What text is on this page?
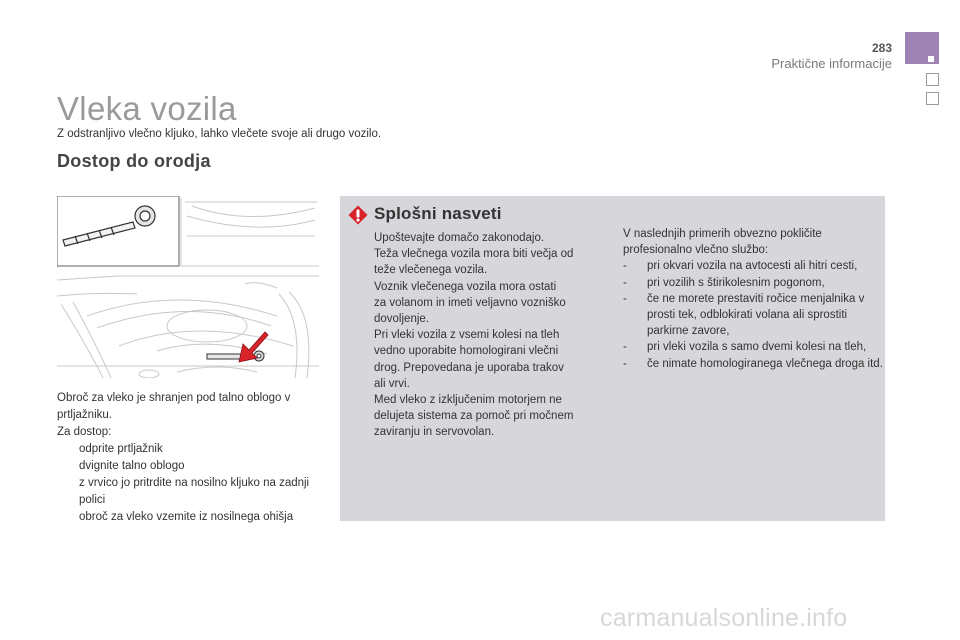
283
Praktične informacije
Vleka vozila
Z odstranljivo vlečno kljuko, lahko vlečete svoje ali drugo vozilo.
Dostop do orodja

Obroč za vleko je shranjen pod talno oblogo v prtljažniku.

Za dostop:

odprite prtljažnik
dvignite talno oblogo
z vrvico jo pritrdite na nosilno kljuko na zadnji polici
obroč za vleko vzemite iz nosilnega ohišja
Splošni nasveti
Upoštevajte domačo zakonodajo.
Teža vlečnega vozila mora biti večja od
teže vlečenega vozila.
Voznik vlečenega vozila mora ostati
za volanom in imeti veljavno vozniško
dovoljenje.
Pri vleki vozila z vsemi kolesi na tleh
vedno uporabite homologirani vlečni
drog. Prepovedana je uporaba trakov
ali vrvi.
Med vleko z izključenim motorjem ne
delujeta sistema za pomoč pri močnem
zaviranju in servovolan.
V naslednjih primerih obvezno pokličite profesionalno vlečno službo:
- pri okvari vozila na avtocesti ali hitri cesti,
- pri vozilih s štirikolesnim pogonom,
- če ne morete prestaviti ročice menjalnika v prosti tek, odblokirati volana ali sprostiti parkirne zavore,
- pri vleki vozila s samo dvemi kolesi na tleh,
- če nimate homologiranega vlečnega droga itd.
carmanualsonline.info
